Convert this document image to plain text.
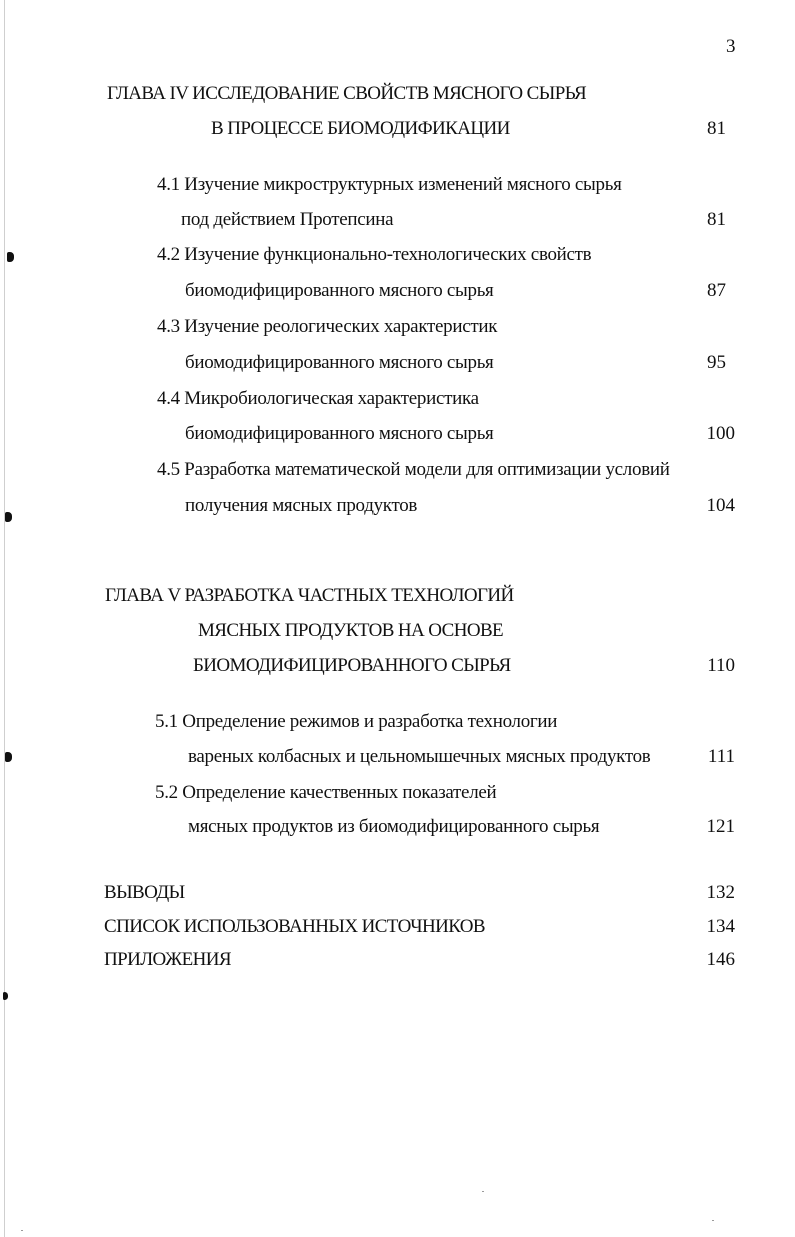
3
ГЛАВА IV ИССЛЕДОВАНИЕ СВОЙСТВ МЯСНОГО СЫРЬЯ
В ПРОЦЕССЕ БИОМОДИФИКАЦИИ	81
4.1 Изучение микроструктурных изменений мясного сырья
под действием Протепсина	81
4.2 Изучение функционально-технологических свойств
биомодифицированного мясного сырья	87
4.3 Изучение реологических характеристик
биомодифицированного мясного сырья	95
4.4 Микробиологическая характеристика
биомодифицированного мясного сырья	100
4.5 Разработка математической модели для оптимизации условий
получения мясных продуктов	104
ГЛАВА V РАЗРАБОТКА ЧАСТНЫХ ТЕХНОЛОГИЙ
МЯСНЫХ ПРОДУКТОВ НА ОСНОВЕ
БИОМОДИФИЦИРОВАННОГО СЫРЬЯ	110
5.1 Определение режимов и разработка технологии
вареных колбасных и цельномышечных мясных продуктов	111
5.2 Определение качественных показателей
мясных продуктов из биомодифицированного сырья	121
ВЫВОДЫ	132
СПИСОК ИСПОЛЬЗОВАННЫХ ИСТОЧНИКОВ	134
ПРИЛОЖЕНИЯ	146
